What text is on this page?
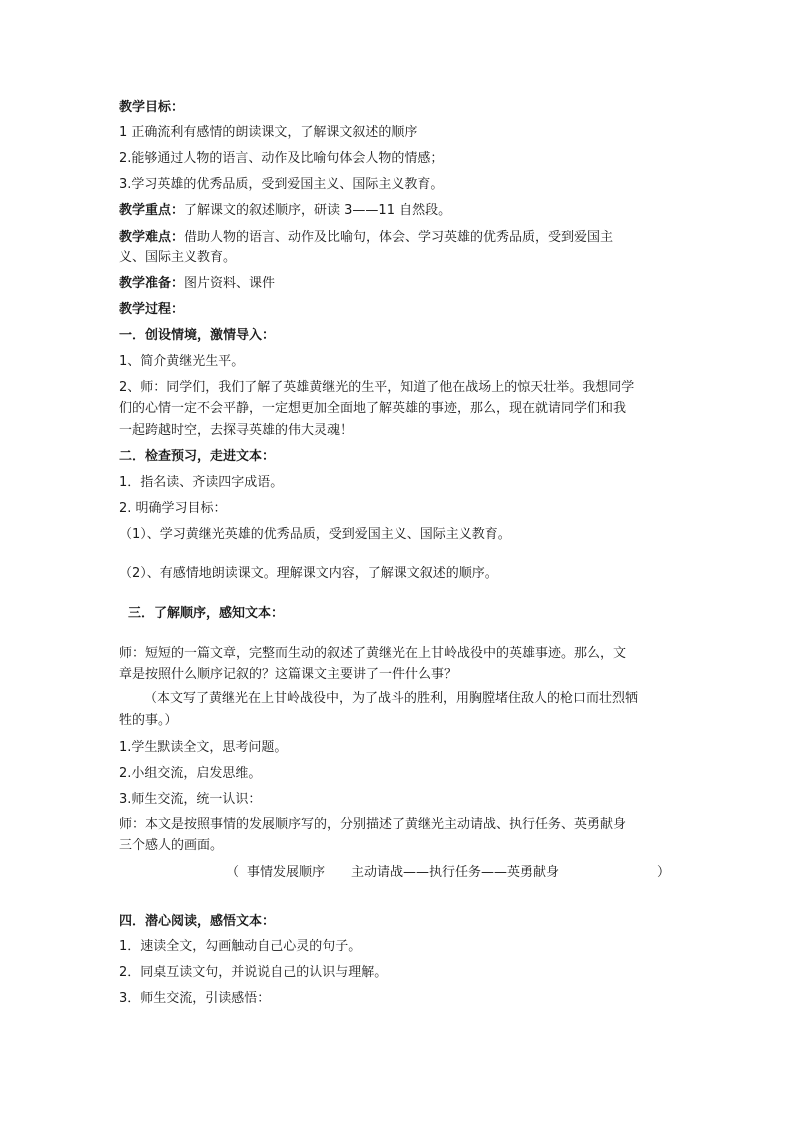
教学目标：
1 正确流利有感情的朗读课文，了解课文叙述的顺序
2.能够通过人物的语言、动作及比喻句体会人物的情感；
3.学习英雄的优秀品质，受到爱国主义、国际主义教育。
教学重点：了解课文的叙述顺序，研读 3——11 自然段。
教学难点：借助人物的语言、动作及比喻句，体会、学习英雄的优秀品质，受到爱国主
义、国际主义教育。
教学准备：图片资料、课件
教学过程：
一．创设情境，激情导入：
1、简介黄继光生平。
2、师：同学们，我们了解了英雄黄继光的生平，知道了他在战场上的惊天壮举。我想同学
们的心情一定不会平静，一定想更加全面地了解英雄的事迹，那么，现在就请同学们和我
一起跨越时空，去探寻英雄的伟大灵魂！
二．检查预习，走进文本：
1．指名读、齐读四字成语。
2. 明确学习目标：
（1）、学习黄继光英雄的优秀品质，受到爱国主义、国际主义教育。
（2）、有感情地朗读课文。理解课文内容，了解课文叙述的顺序。
三．了解顺序，感知文本：
师：短短的一篇文章，完整而生动的叙述了黄继光在上甘岭战役中的英雄事迹。那么，文
章是按照什么顺序记叙的？这篇课文主要讲了一件什么事？
（本文写了黄继光在上甘岭战役中，为了战斗的胜利，用胸膛堵住敌人的枪口而壮烈牺
牲的事。）
1.学生默读全文，思考问题。
2.小组交流，启发思维。
3.师生交流，统一认识：
师：本文是按照事情的发展顺序写的，分别描述了黄继光主动请战、执行任务、英勇献身
三个感人的画面。
（ 事情发展顺序 主动请战——执行任务——英勇献身	）
四．潜心阅读，感悟文本：
1．速读全文，勾画触动自己心灵的句子。
2．同桌互读文句，并说说自己的认识与理解。
3．师生交流，引读感悟：
